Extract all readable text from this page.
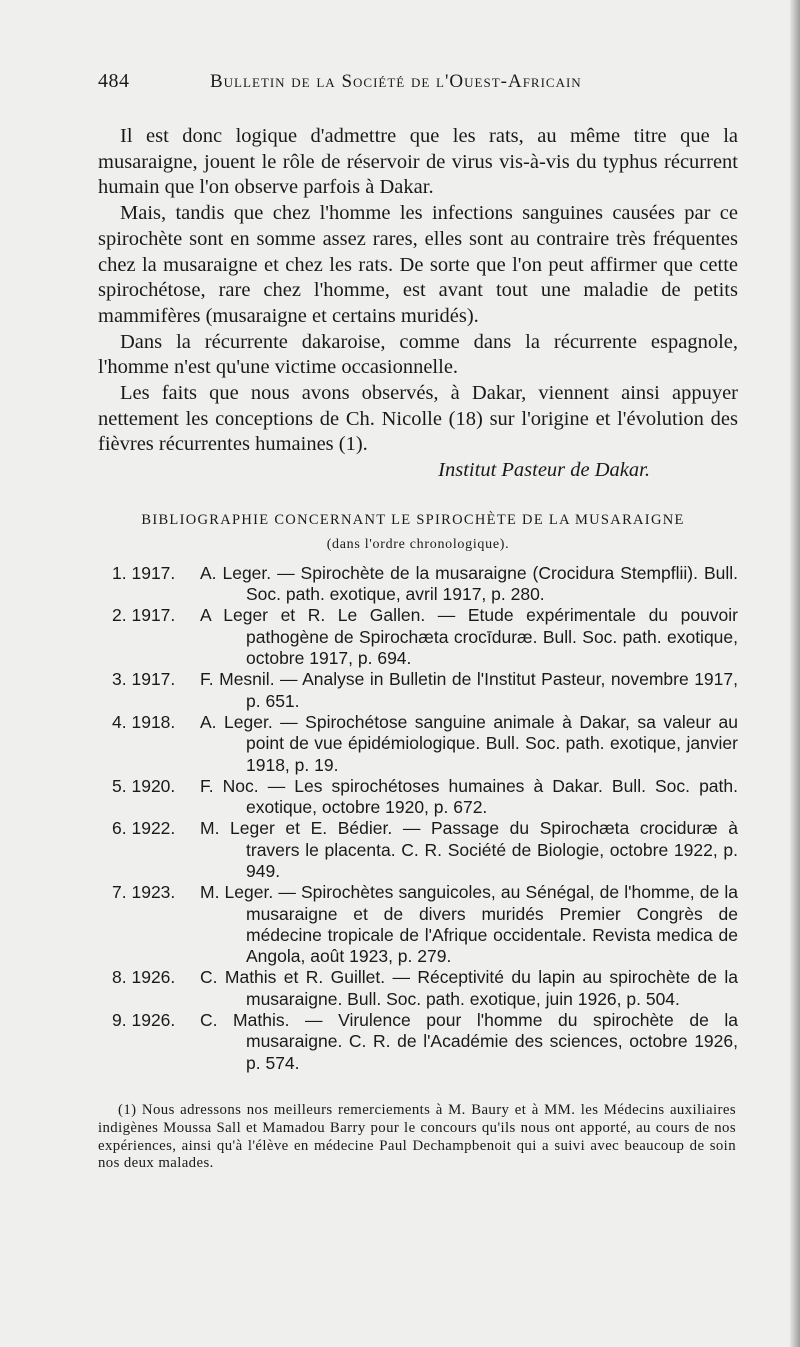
484	Bulletin de la Société de l'Ouest-Africain

Il est donc logique d'admettre que les rats, au même titre que la musaraigne, jouent le rôle de réservoir de virus vis-à-vis du typhus récurrent humain que l'on observe parfois à Dakar.

Mais, tandis que chez l'homme les infections sanguines causées par ce spirochète sont en somme assez rares, elles sont au contraire très fréquentes chez la musaraigne et chez les rats. De sorte que l'on peut affirmer que cette spirochétose, rare chez l'homme, est avant tout une maladie de petits mammifères (musaraigne et certains muridés).

Dans la récurrente dakaroise, comme dans la récurrente espagnole, l'homme n'est qu'une victime occasionnelle.

Les faits que nous avons observés, à Dakar, viennent ainsi appuyer nettement les conceptions de Ch. Nicolle (18) sur l'origine et l'évolution des fièvres récurrentes humaines (1).

Institut Pasteur de Dakar.

BIBLIOGRAPHIE CONCERNANT LE SPIROCHÈTE DE LA MUSARAIGNE
(dans l'ordre chronologique).
1. 1917.	A. Leger. — Spirochète de la musaraigne (Crocidura Stempflii). Bull. Soc. path. exotique, avril 1917, p. 280.
2. 1917.	A Leger et R. Le Gallen. — Etude expérimentale du pouvoir pathogène de Spirochæta crocīduræ. Bull. Soc. path. exotique, octobre 1917, p. 694.
3. 1917.	F. Mesnil. — Analyse in Bulletin de l'Institut Pasteur, novembre 1917, p. 651.
4. 1918.	A. Leger. — Spirochétose sanguine animale à Dakar, sa valeur au point de vue épidémiologique. Bull. Soc. path. exotique, janvier 1918, p. 19.
5. 1920.	F. Noc. — Les spirochétoses humaines à Dakar. Bull. Soc. path. exotique, octobre 1920, p. 672.
6. 1922.	M. Leger et E. Bédier. — Passage du Spirochæta crociduræ à travers le placenta. C. R. Société de Biologie, octobre 1922, p. 949.
7. 1923.	M. Leger. — Spirochètes sanguicoles, au Sénégal, de l'homme, de la musaraigne et de divers muridés Premier Congrès de médecine tropicale de l'Afrique occidentale. Revista medica de Angola, août 1923, p. 279.
8. 1926.	C. Mathis et R. Guillet. — Réceptivité du lapin au spirochète de la musaraigne. Bull. Soc. path. exotique, juin 1926, p. 504.
9. 1926.	C. Mathis. — Virulence pour l'homme du spirochète de la musaraigne. C. R. de l'Académie des sciences, octobre 1926, p. 574.

(1) Nous adressons nos meilleurs remerciements à M. Baury et à MM. les Médecins auxiliaires indigènes Moussa Sall et Mamadou Barry pour le concours qu'ils nous ont apporté, au cours de nos expériences, ainsi qu'à l'élève en médecine Paul Dechampbenoit qui a suivi avec beaucoup de soin nos deux malades.
